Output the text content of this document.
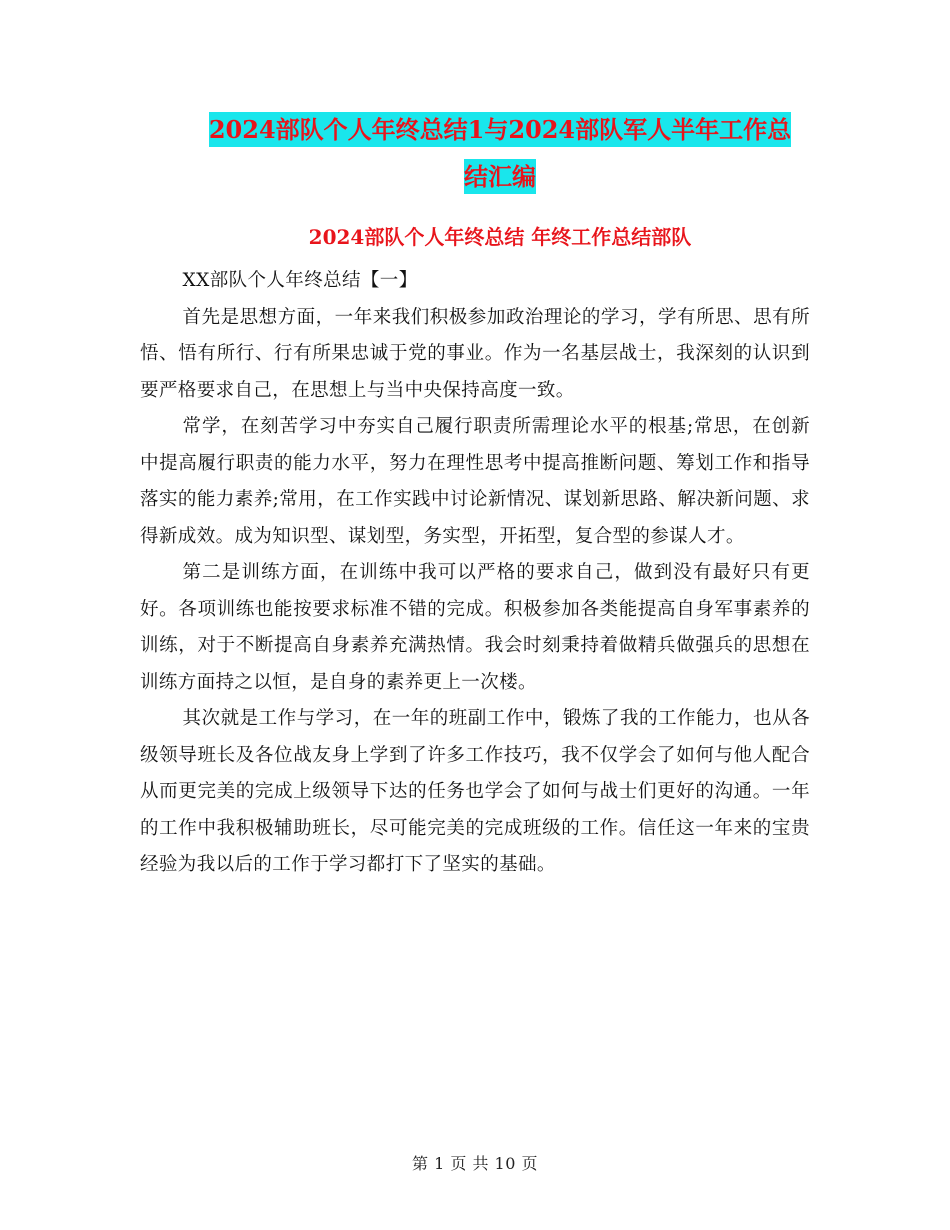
2024部队个人年终总结1与2024部队军人半年工作总
结汇编
2024部队个人年终总结 年终工作总结部队

XX部队个人年终总结【一】

首先是思想方面，一年来我们积极参加政治理论的学习，学有所思、思有所悟、悟有所行、行有所果忠诚于党的事业。作为一名基层战士，我深刻的认识到要严格要求自己，在思想上与当中央保持高度一致。

常学，在刻苦学习中夯实自己履行职责所需理论水平的根基;常思，在创新中提高履行职责的能力水平，努力在理性思考中提高推断问题、筹划工作和指导落实的能力素养;常用，在工作实践中讨论新情况、谋划新思路、解决新问题、求得新成效。成为知识型、谋划型，务实型，开拓型，复合型的参谋人才。

第二是训练方面，在训练中我可以严格的要求自己，做到没有最好只有更好。各项训练也能按要求标准不错的完成。积极参加各类能提高自身军事素养的训练，对于不断提高自身素养充满热情。我会时刻秉持着做精兵做强兵的思想在训练方面持之以恒，是自身的素养更上一次楼。

其次就是工作与学习，在一年的班副工作中，锻炼了我的工作能力，也从各级领导班长及各位战友身上学到了许多工作技巧，我不仅学会了如何与他人配合从而更完美的完成上级领导下达的任务也学会了如何与战士们更好的沟通。一年的工作中我积极辅助班长，尽可能完美的完成班级的工作。信任这一年来的宝贵经验为我以后的工作于学习都打下了坚实的基础。

第 1 页 共 10 页
